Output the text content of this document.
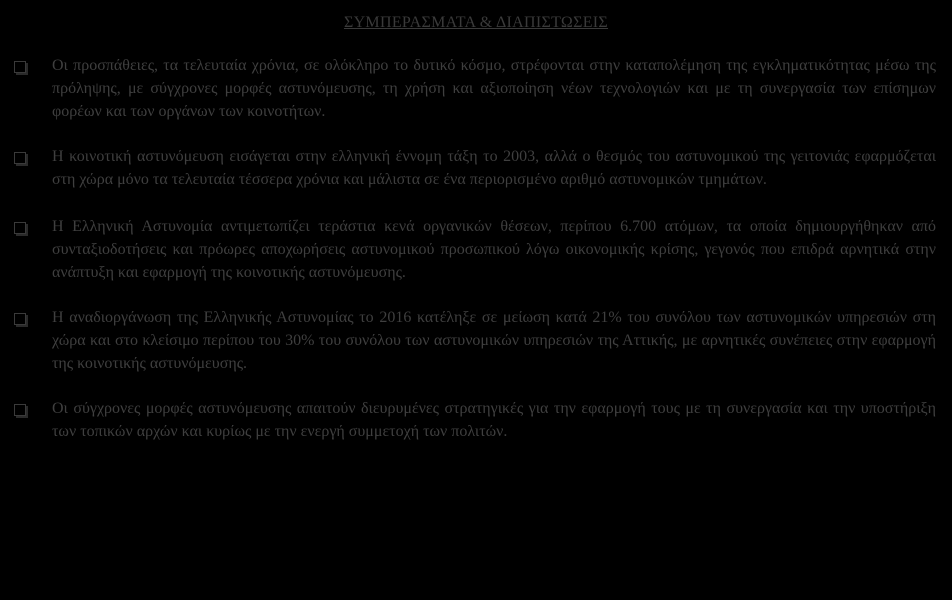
ΣΥΜΠΕΡΑΣΜΑΤΑ & ΔΙΑΠΙΣΤΩΣΕΙΣ
Οι προσπάθειες, τα τελευταία χρόνια, σε ολόκληρο το δυτικό κόσμο, στρέφονται στην καταπολέμηση της εγκληματικότητας μέσω της πρόληψης, με σύγχρονες μορφές αστυνόμευσης, τη χρήση και αξιοποίηση νέων τεχνολογιών και με τη συνεργασία των επίσημων φορέων και των οργάνων των κοινοτήτων.
Η κοινοτική αστυνόμευση εισάγεται στην ελληνική έννομη τάξη το 2003, αλλά ο θεσμός του αστυνομικού της γειτονιάς εφαρμόζεται στη χώρα μόνο τα τελευταία τέσσερα χρόνια και μάλιστα σε ένα περιορισμένο αριθμό αστυνομικών τμημάτων.
Η Ελληνική Αστυνομία αντιμετωπίζει τεράστια κενά οργανικών θέσεων, περίπου 6.700 ατόμων, τα οποία δημιουργήθηκαν από συνταξιοδοτήσεις και πρόωρες αποχωρήσεις αστυνομικού προσωπικού λόγω οικονομικής κρίσης, γεγονός που επιδρά αρνητικά στην ανάπτυξη και εφαρμογή της κοινοτικής αστυνόμευσης.
Η αναδιοργάνωση της Ελληνικής Αστυνομίας το 2016 κατέληξε σε μείωση κατά 21% του συνόλου των αστυνομικών υπηρεσιών στη χώρα και στο κλείσιμο περίπου του 30% του συνόλου των αστυνομικών υπηρεσιών της Αττικής, με αρνητικές συνέπειες στην εφαρμογή της κοινοτικής αστυνόμευσης.
Οι σύγχρονες μορφές αστυνόμευσης απαιτούν διευρυμένες στρατηγικές για την εφαρμογή τους με τη συνεργασία και την υποστήριξη των τοπικών αρχών και κυρίως με την ενεργή συμμετοχή των πολιτών.
